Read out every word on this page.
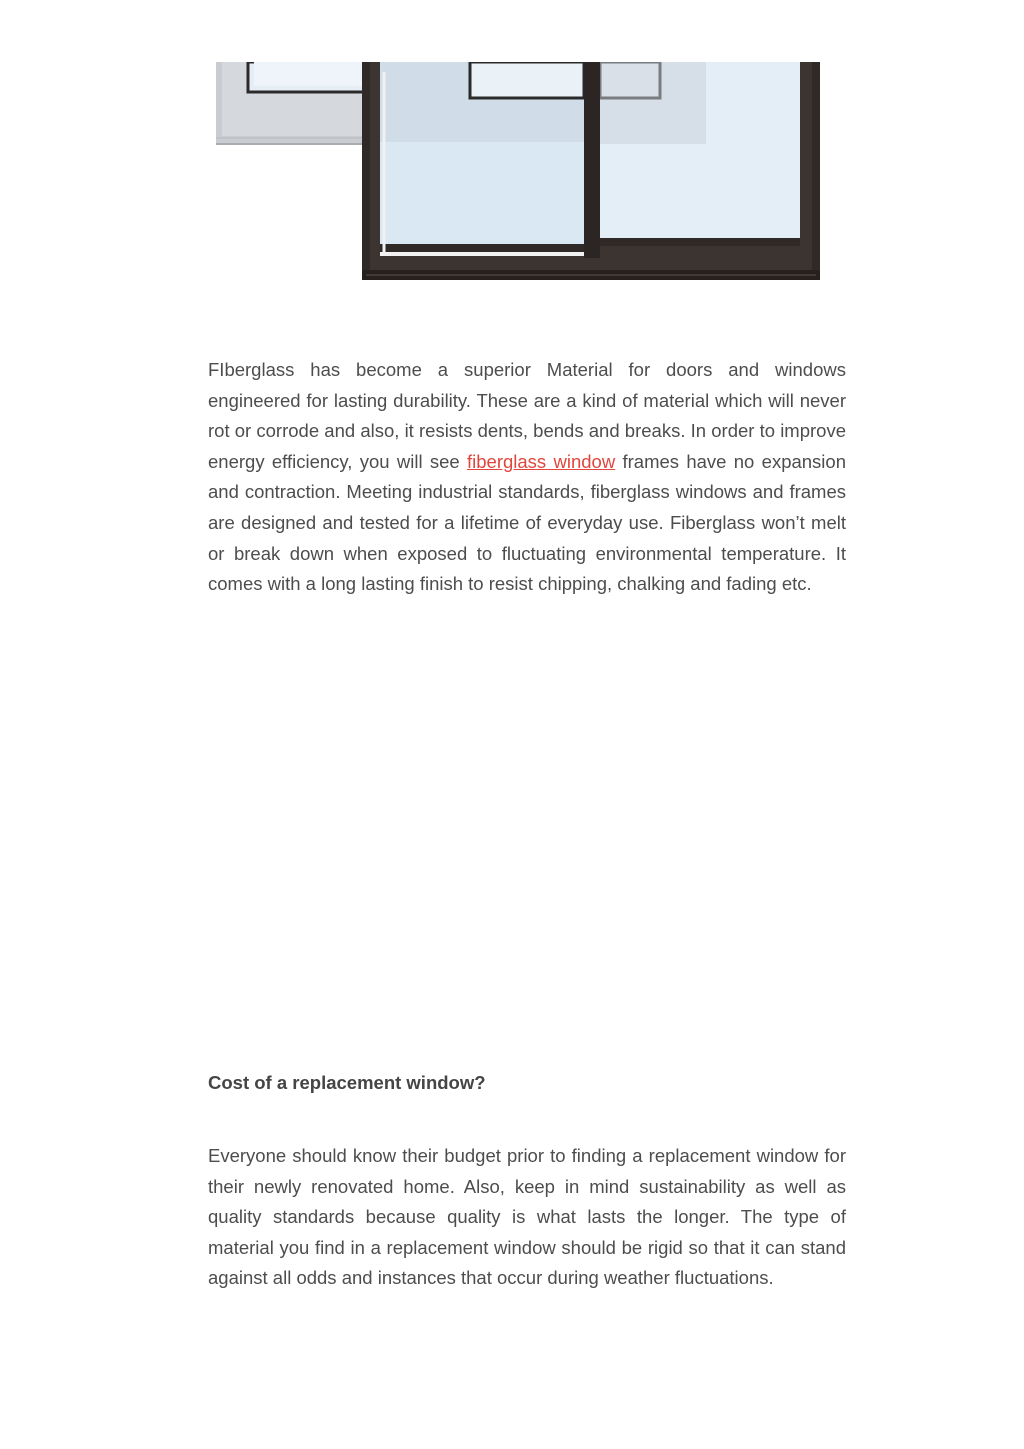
FIberglass has become a superior Material for doors and windows engineered for lasting durability. These are a kind of material which will never rot or corrode and also, it resists dents, bends and breaks. In order to improve energy efficiency, you will see fiberglass window frames have no expansion and contraction. Meeting industrial standards, fiberglass windows and frames are designed and tested for a lifetime of everyday use. Fiberglass won’t melt or break down when exposed to fluctuating environmental temperature. It comes with a long lasting finish to resist chipping, chalking and fading etc.

Cost of a replacement window?

Everyone should know their budget prior to finding a replacement window for their newly renovated home. Also, keep in mind sustainability as well as quality standards because quality is what lasts the longer. The type of material you find in a replacement window should be rigid so that it can stand against all odds and instances that occur during weather fluctuations.
